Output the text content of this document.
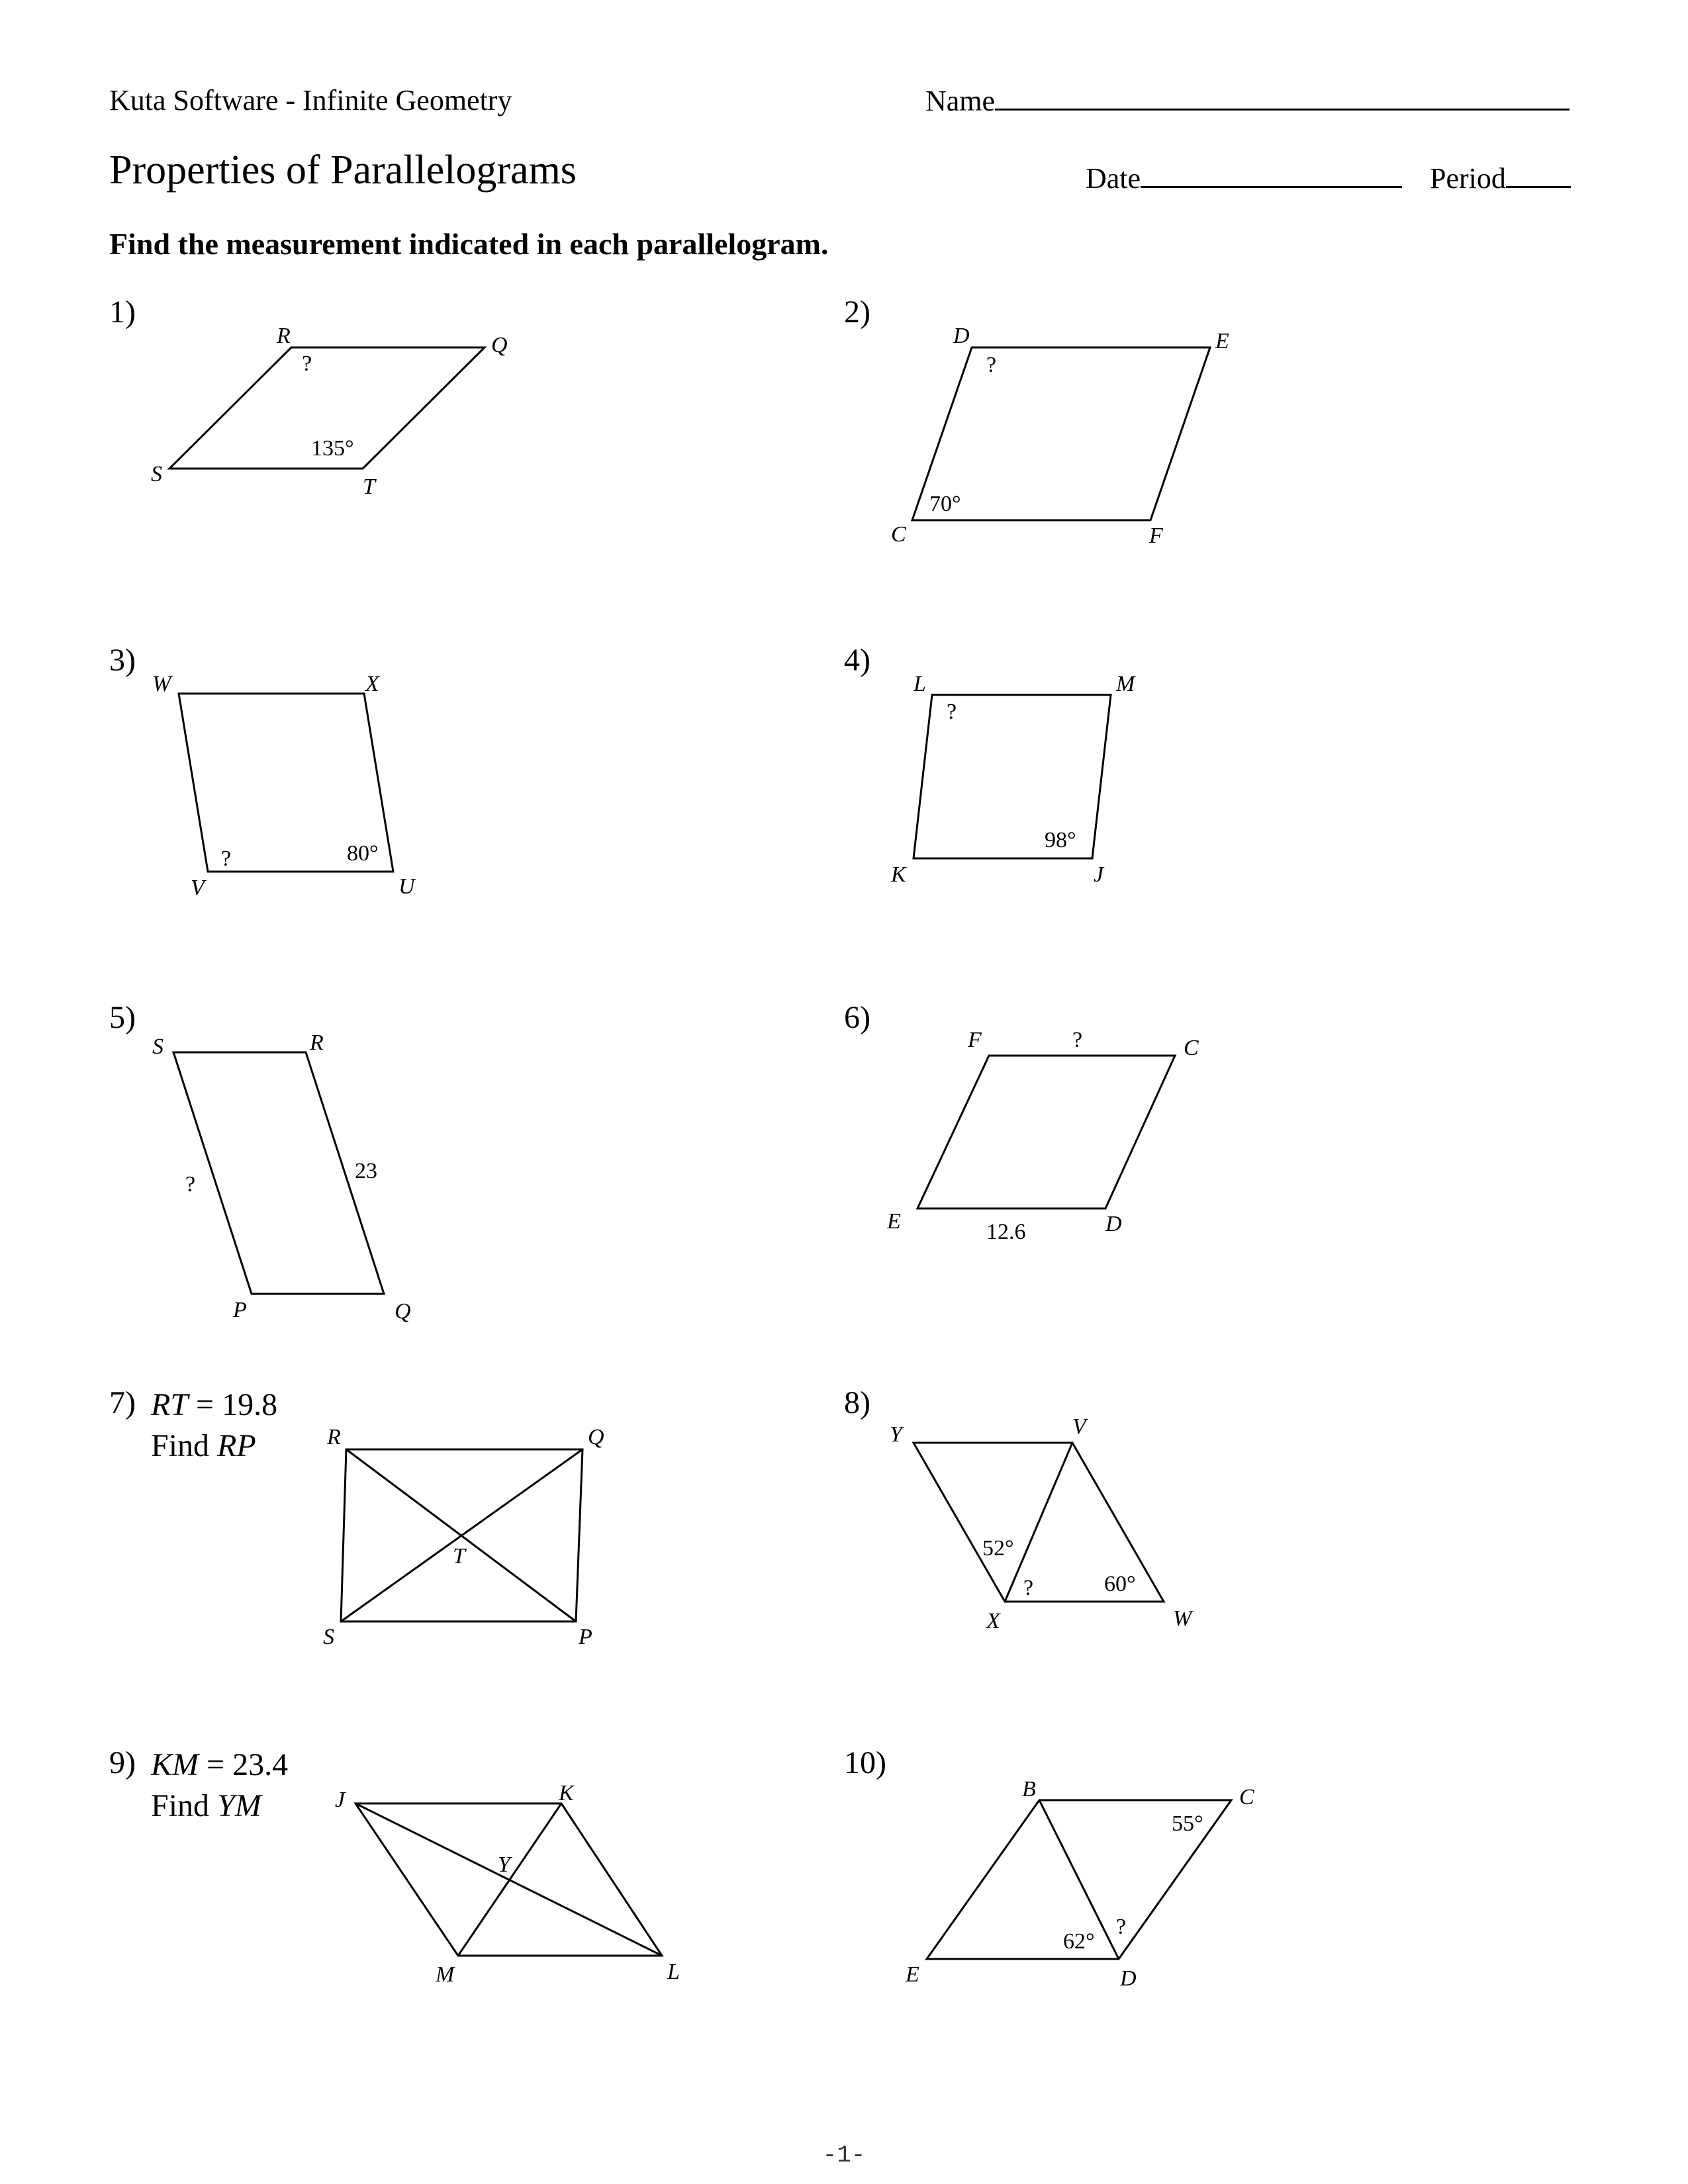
Kuta Software - Infinite Geometry	Name
Properties of Parallelograms	Date	Period
Find the measurement indicated in each parallelogram.
1)	2)
3)	4)
5)	6)
7)	8)
9)	10)
RT = 19.8
Find RP
KM = 23.4
Find YM
R	Q
S
T
?
135°
D	E
C	F
?
70°
W	X
V	U
?	80°
L	M
K	J
?
98°
S	R
P	Q
?
23
F	C
E	D
?
12.6
R	Q
S	P
T
Y	V
X	W
52°
?	60°
J	K
M	L
Y
B	C
E	D
55°
62°
?
-1-
